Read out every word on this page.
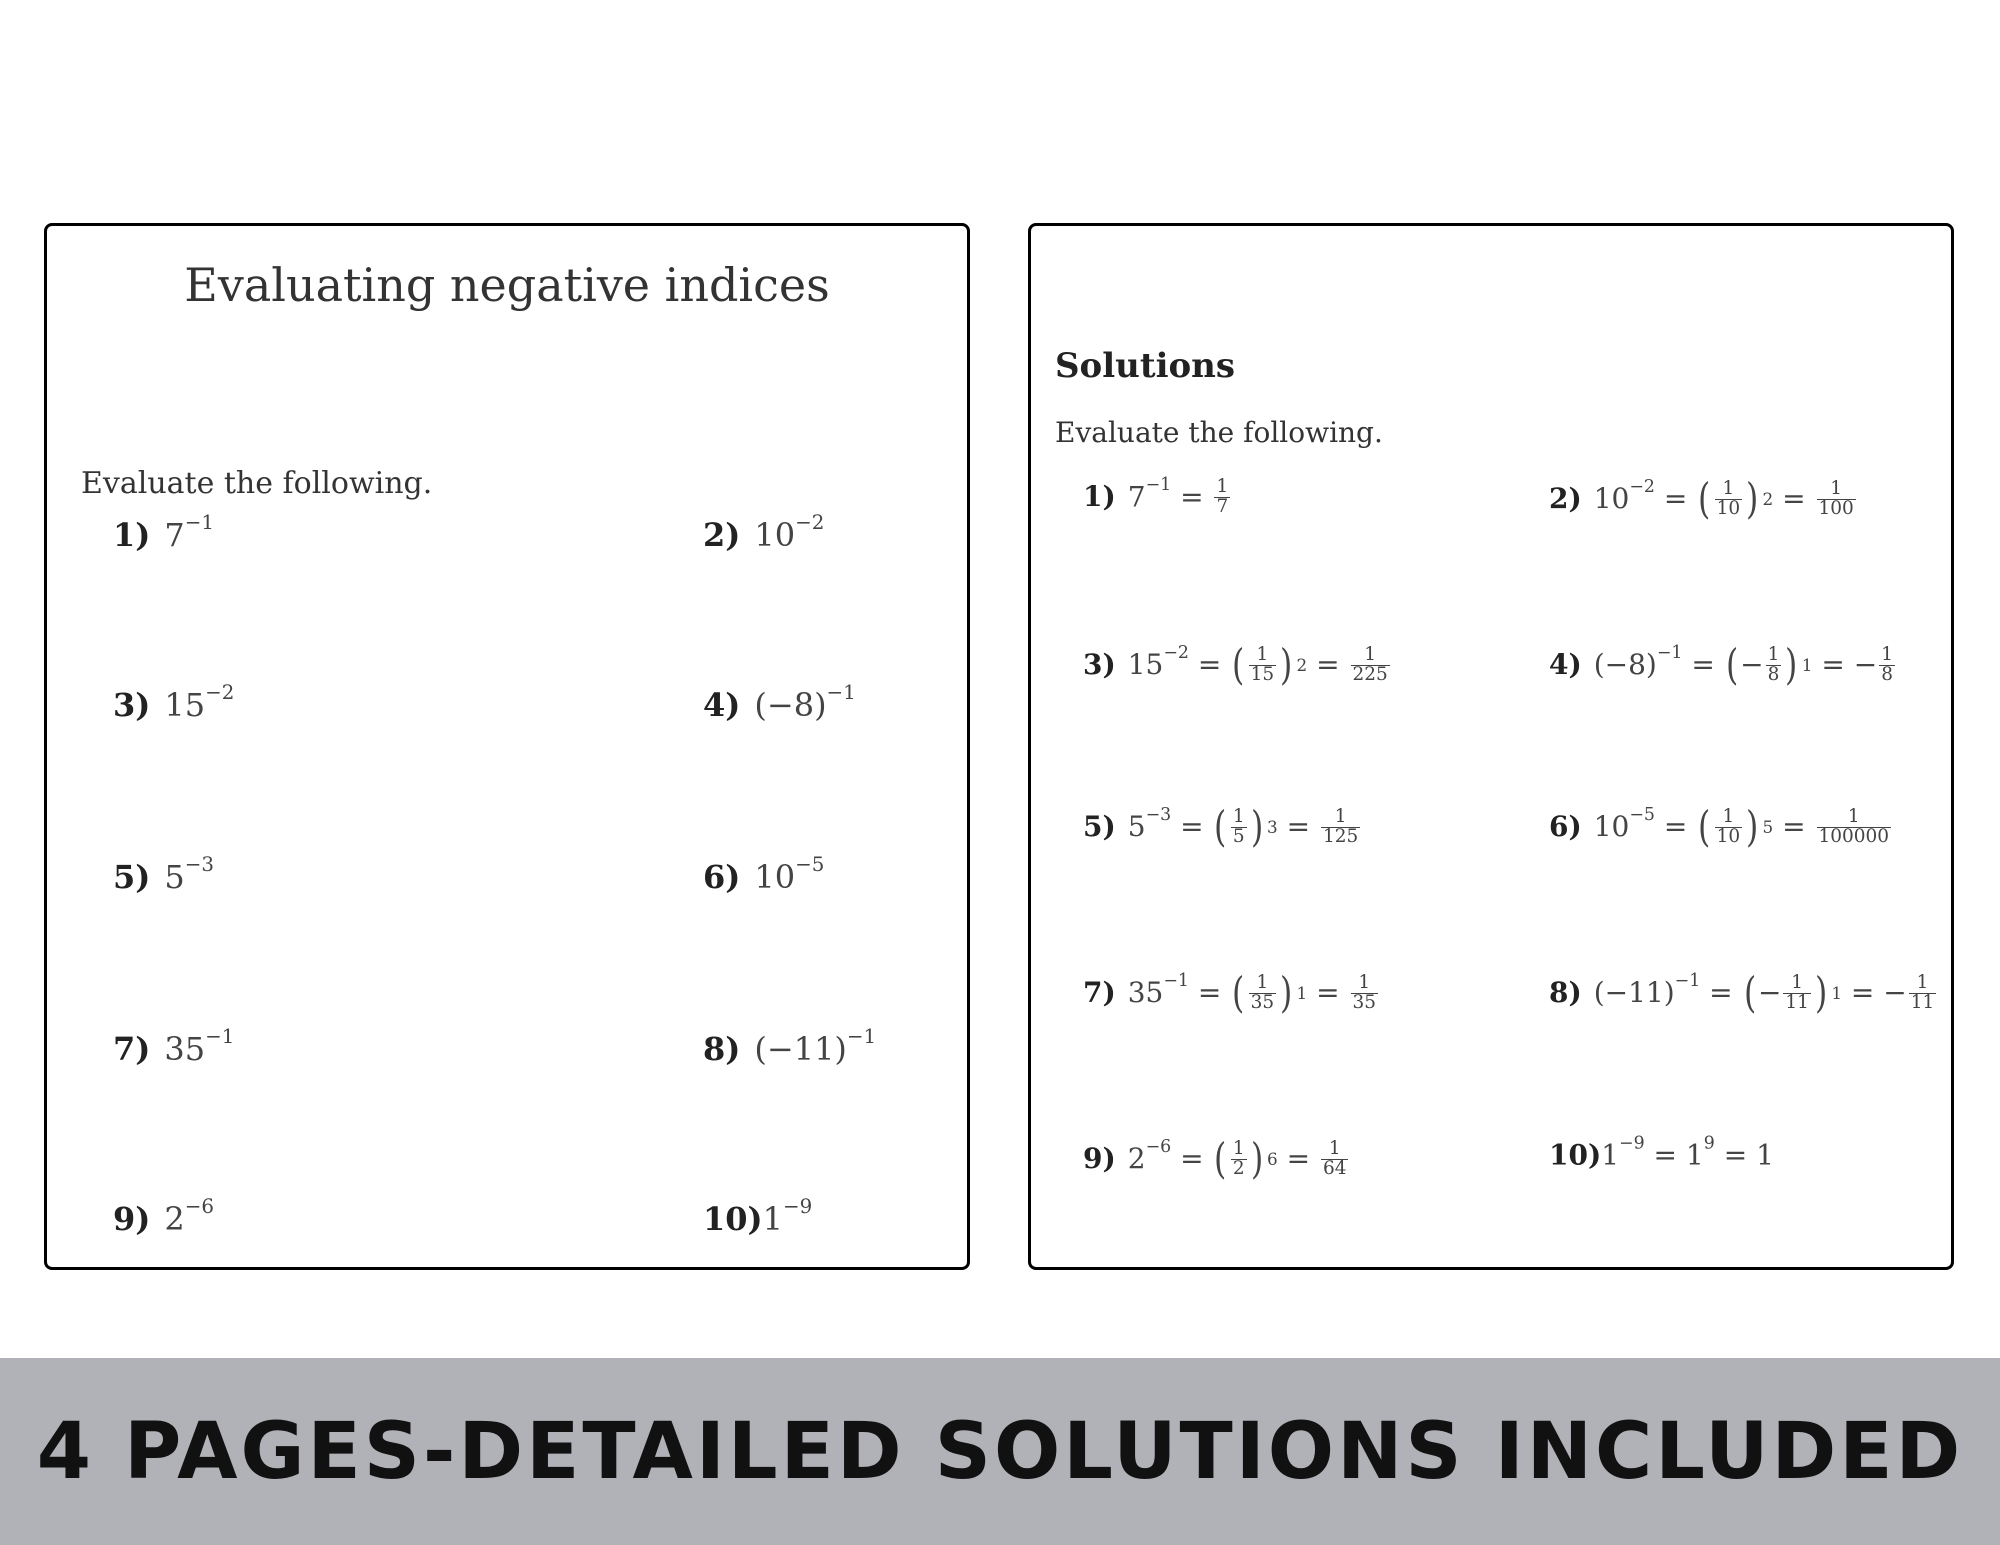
Evaluating negative indices
Evaluate the following.
1) $7^{-1}$	2) $10^{-2}$
3) $15^{-2}$	4) $(-8)^{-1}$
5) $5^{-3}$	6) $10^{-5}$
7) $35^{-1}$	8) $(-11)^{-1}$
9) $2^{-6}$	$10)1^{-9}$
Solutions
Evaluate the following.
1) $7^{-1} = \frac{1}{7}$	2) $10^{-2}$ = ( $\frac{1}{10}$ ) $2 = \frac{1}{100}$
3) $15^{-2}$ = ( $\frac{1}{15}$ ) $2 = \frac{1}{225}$	4) $(-8)^{-1}$ = ( − $\frac{1}{8}$ ) 1 = − $\frac{1}{8}$
5) $5^{-3}$ = ( $\frac{1}{5}$ ) $3 = \frac{1}{125}$	6) $10^{-5}$ = ( $\frac{1}{10}$ ) $5 = \frac{1}{100000}$
7) $35^{-1}$ = ( $\frac{1}{35}$ ) $1 = \frac{1}{35}$	8) $(-11)^{-1}$ = ( − $\frac{1}{11}$ ) 1 = − $\frac{1}{11}$
9) $2^{-6}$ = ( $\frac{1}{2}$ ) $6 = \frac{1}{64}$	$10)1^{-9} = 1^9 = 1$
4 PAGES-DETAILED SOLUTIONS INCLUDED
